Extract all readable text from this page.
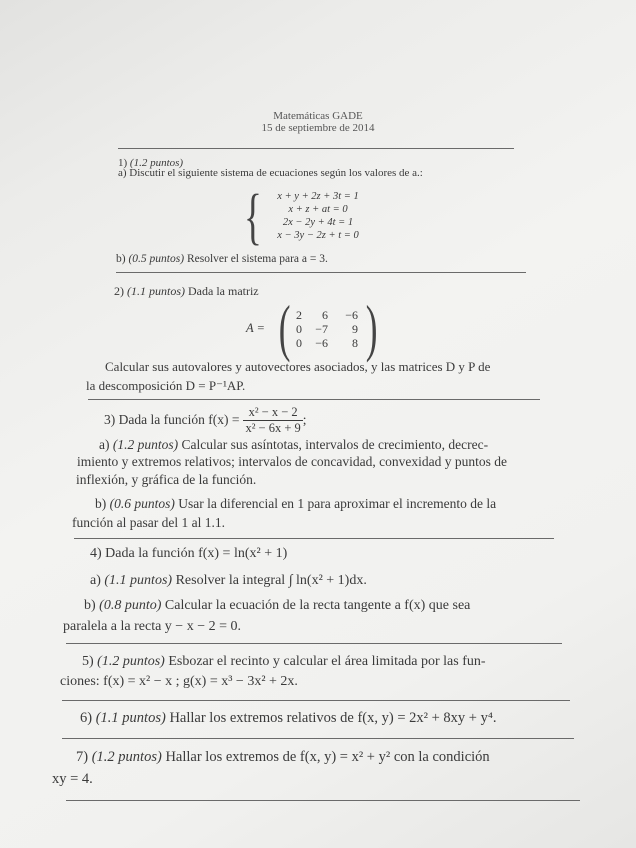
Matemáticas GADE
15 de septiembre de 2014
1) (1.2 puntos)
a) Discutir el siguiente sistema de ecuaciones según los valores de a.:
{	x + y + 2z + 3t = 1
x + z + at = 0
2x − 2y + 4t = 1
x − 3y − 2z + t = 0
b) (0.5 puntos) Resolver el sistema para a = 3.
2) (1.1 puntos) Dada la matriz
A = ( 2 6 −6
0 −7 9
0 −6 8 )
Calcular sus autovalores y autovectores asociados, y las matrices D y P de
la descomposición D = P⁻¹AP.
3) Dada la función $f(x) = \frac{\text{x² − x − 2}}{\text{x² − 6x + 9}}$ ;
a) (1.2 puntos) Calcular sus asíntotas, intervalos de crecimiento, decrec-
imiento y extremos relativos; intervalos de concavidad, convexidad y puntos de
inflexión, y gráfica de la función.
b) (0.6 puntos) Usar la diferencial en 1 para aproximar el incremento de la
función al pasar del 1 al 1.1.
4) Dada la función f(x) = ln(x² + 1)
a) (1.1 puntos) Resolver la integral ∫ ln(x² + 1)dx.
b) (0.8 punto) Calcular la ecuación de la recta tangente a f(x) que sea
paralela a la recta y − x − 2 = 0.
5) (1.2 puntos) Esbozar el recinto y calcular el área limitada por las fun-
ciones: f(x) = x² − x ; g(x) = x³ − 3x² + 2x.
6) (1.1 puntos) Hallar los extremos relativos de f(x, y) = 2x² + 8xy + y⁴.
7) (1.2 puntos) Hallar los extremos de f(x, y) = x² + y² con la condición
xy = 4.
